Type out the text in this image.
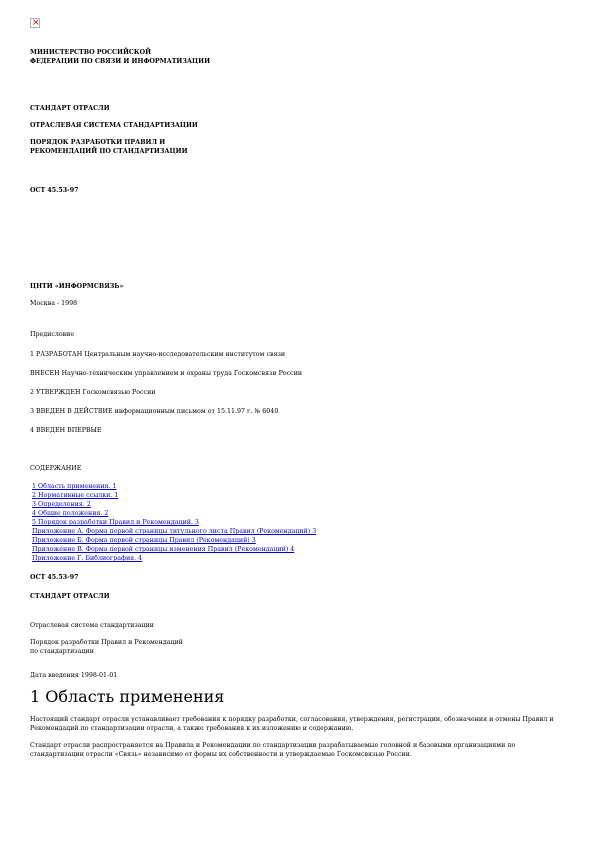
×

МИНИСТЕРСТВО РОССИЙСКОЙ

ФЕДЕРАЦИИ ПО СВЯЗИ И ИНФОРМАТИЗАЦИИ

СТАНДАРТ ОТРАСЛИ

ОТРАСЛЕВАЯ СИСТЕМА СТАНДАРТИЗАЦИИ

ПОРЯДОК РАЗРАБОТКИ ПРАВИЛ И

РЕКОМЕНДАЦИЙ ПО СТАНДАРТИЗАЦИИ

ОСТ 45.53-97

ЦНТИ «ИНФОРМСВЯЗЬ»

Москва - 1998

Предисловие

1 РАЗРАБОТАН Центральным научно-исследовательским институтом связи

ВНЕСЕН Научно-техническим управлением и охраны труда Госкомсвязи России

2 УТВЕРЖДЕН Госкомсвязью России

3 ВВЕДЕН В ДЕЙСТВИЕ информационным письмом от 15.11.97 г. № 6040

4 ВВЕДЕН ВПЕРВЫЕ

СОДЕРЖАНИЕ

1 Область применения. 1
2 Нормативные ссылки. 1
3 Определения. 2
4 Общие положения. 2
5 Порядок разработки Правил и Рекомендаций. 3
Приложение А. Форма первой страницы титульного листа Правил (Рекомендаций) 3
Приложение Б. Форма первой страницы Правил (Рекомендаций) 3
Приложение В. Форма первой страницы изменения Правил (Рекомендаций) 4
Приложение Г. Библиография. 4

ОСТ 45.53-97

СТАНДАРТ ОТРАСЛИ

Отраслевая система стандартизации

Порядок разработки Правил и Рекомендаций

по стандартизации

Дата введения 1998-01-01

1 Область применения

Настоящий стандарт отрасли устанавливает требования к порядку разработки, согласования, утверждения, регистрации, обозначения и отмены Правил и Рекомендаций по стандартизации отрасли, а также требования к их изложению и содержанию.

Стандарт отрасли распространяется на Правила и Рекомендации по стандартизации разрабатываемые головной и базовыми организациями по стандартизации отрасли «Связь» независимо от формы их собственности и утверждаемые Госкомсвязью России.
